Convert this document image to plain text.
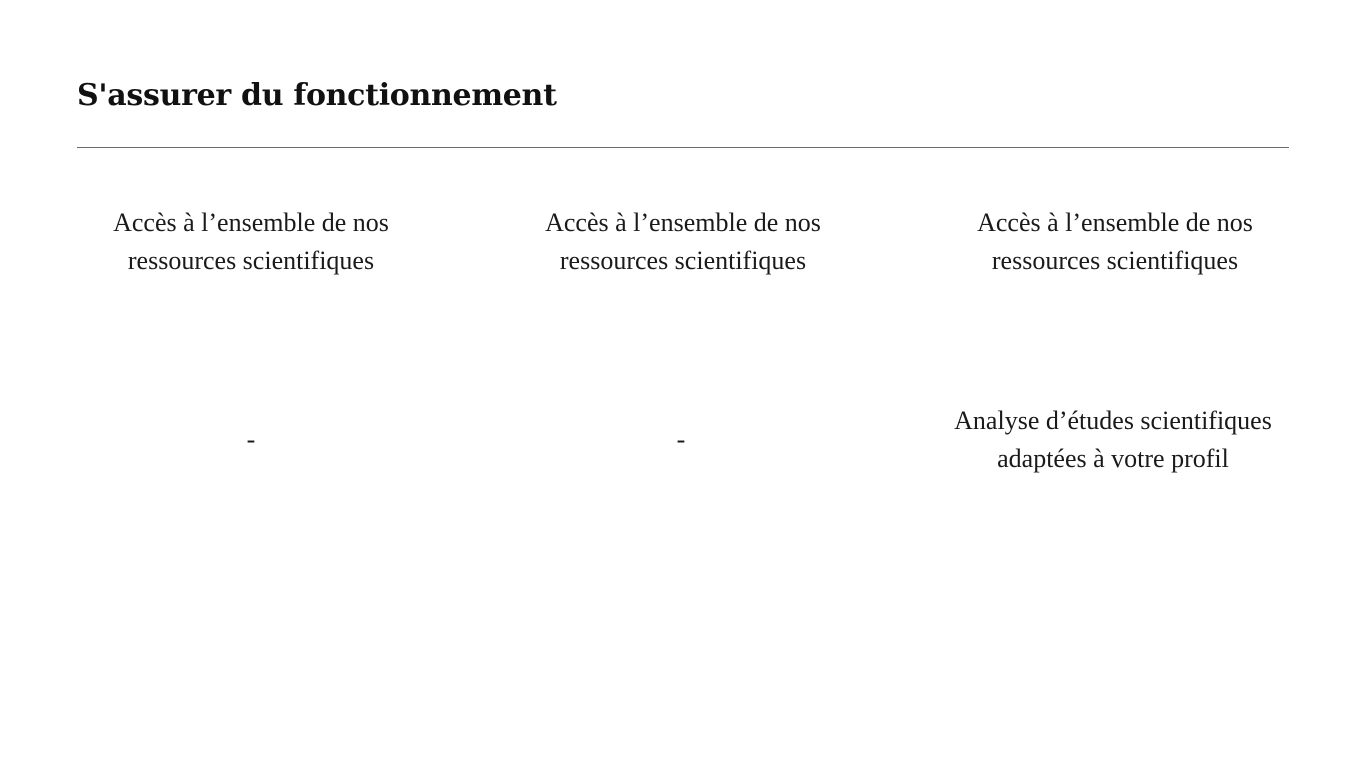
S'assurer du fonctionnement
Accès à l’ensemble de nos ressources scientifiques
Accès à l’ensemble de nos ressources scientifiques
Accès à l’ensemble de nos ressources scientifiques
-	-
Analyse d’études scientifiques adaptées à votre profil
